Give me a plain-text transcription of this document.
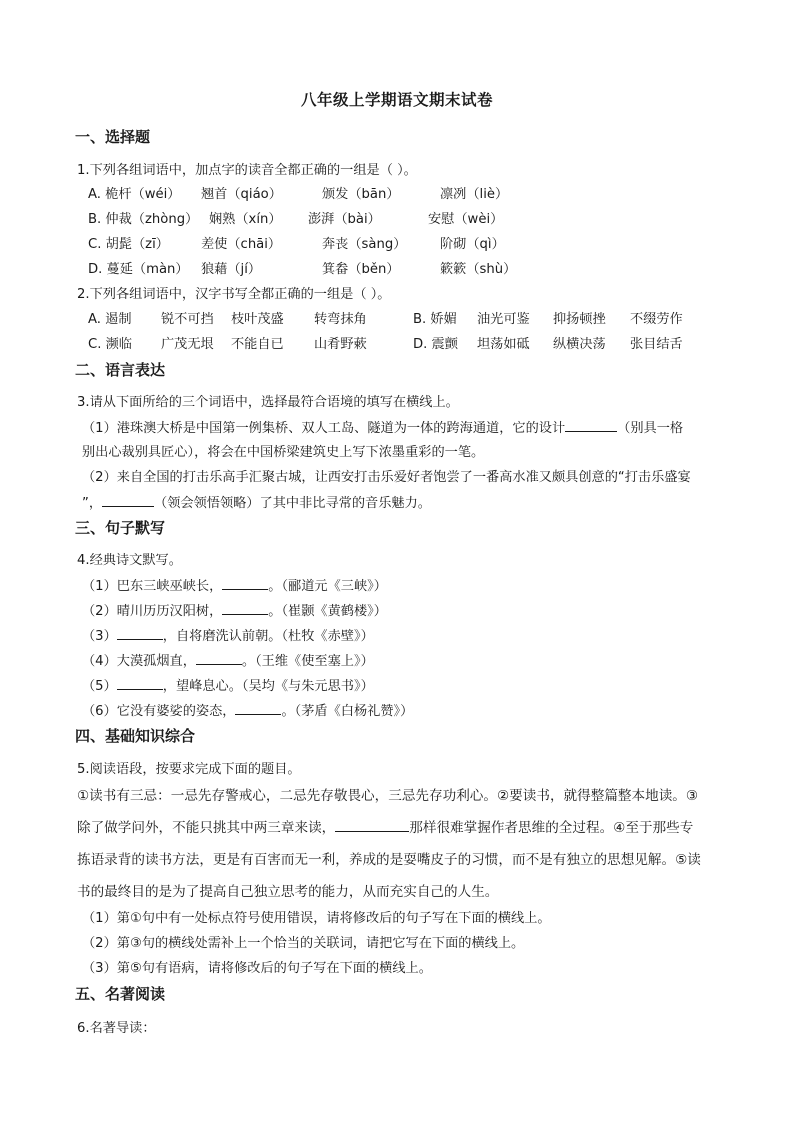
八年级上学期语文期末试卷
一、选择题
1.下列各组词语中，加点字的读音全都正确的一组是（ ）。
A. 桅杆（wéi） 翘首（qiáo）	颁发（bān）	凛冽（liè）
B. 仲裁（zhòng） 娴熟（xín） 澎湃（bài）	安慰（wèi）
C. 胡髭（zī） 差使（chāi）	奔丧（sàng）	阶砌（qì）
D. 蔓延（màn） 狼藉（jí）	箕畚（běn）	簌簌（shù）
2.下列各组词语中，汉字书写全都正确的一组是（ ）。
A. 遏制 锐不可挡 枝叶茂盛 转弯抹角	B. 娇媚 油光可鉴 抑扬顿挫 不缀劳作
C. 濒临 广茂无垠 不能自已 山肴野蔌	D. 震颤 坦荡如砥 纵横决荡 张目结舌
二、语言表达
3.请从下面所给的三个词语中，选择最符合语境的填写在横线上。
（1）港珠澳大桥是中国第一例集桥、双人工岛、隧道为一体的跨海通道，它的设计	（别具一格
别出心裁别具匠心），将会在中国桥梁建筑史上写下浓墨重彩的一笔。
（2）来自全国的打击乐高手汇聚古城，让西安打击乐爱好者饱尝了一番高水准又颇具创意的“打击乐盛宴
”，	（领会领悟领略）了其中非比寻常的音乐魅力。
三、句子默写
4.经典诗文默写。
（1）巴东三峡巫峡长，	。（郦道元《三峡》）
（2）晴川历历汉阳树，	。（崔颢《黄鹤楼》）
（3）	，自将磨洗认前朝。（杜牧《赤壁》）
（4）大漠孤烟直，	。（王维《使至塞上》）
（5）	，望峰息心。（吴均《与朱元思书》）
（6）它没有婆娑的姿态，	。（茅盾《白杨礼赞》）
四、基础知识综合
5.阅读语段，按要求完成下面的题目。
①读书有三忌：一忌先存警戒心，二忌先存敬畏心，三忌先存功利心。②要读书，就得整篇整本地读。③
除了做学问外，不能只挑其中两三章来读，	那样很难掌握作者思维的全过程。④至于那些专
拣语录背的读书方法，更是有百害而无一利，养成的是耍嘴皮子的习惯，而不是有独立的思想见解。⑤读
书的最终目的是为了提高自己独立思考的能力，从而充实自己的人生。
（1）第①句中有一处标点符号使用错误，请将修改后的句子写在下面的横线上。
（2）第③句的横线处需补上一个恰当的关联词，请把它写在下面的横线上。
（3）第⑤句有语病，请将修改后的句子写在下面的横线上。
五、名著阅读
6.名著导读：
